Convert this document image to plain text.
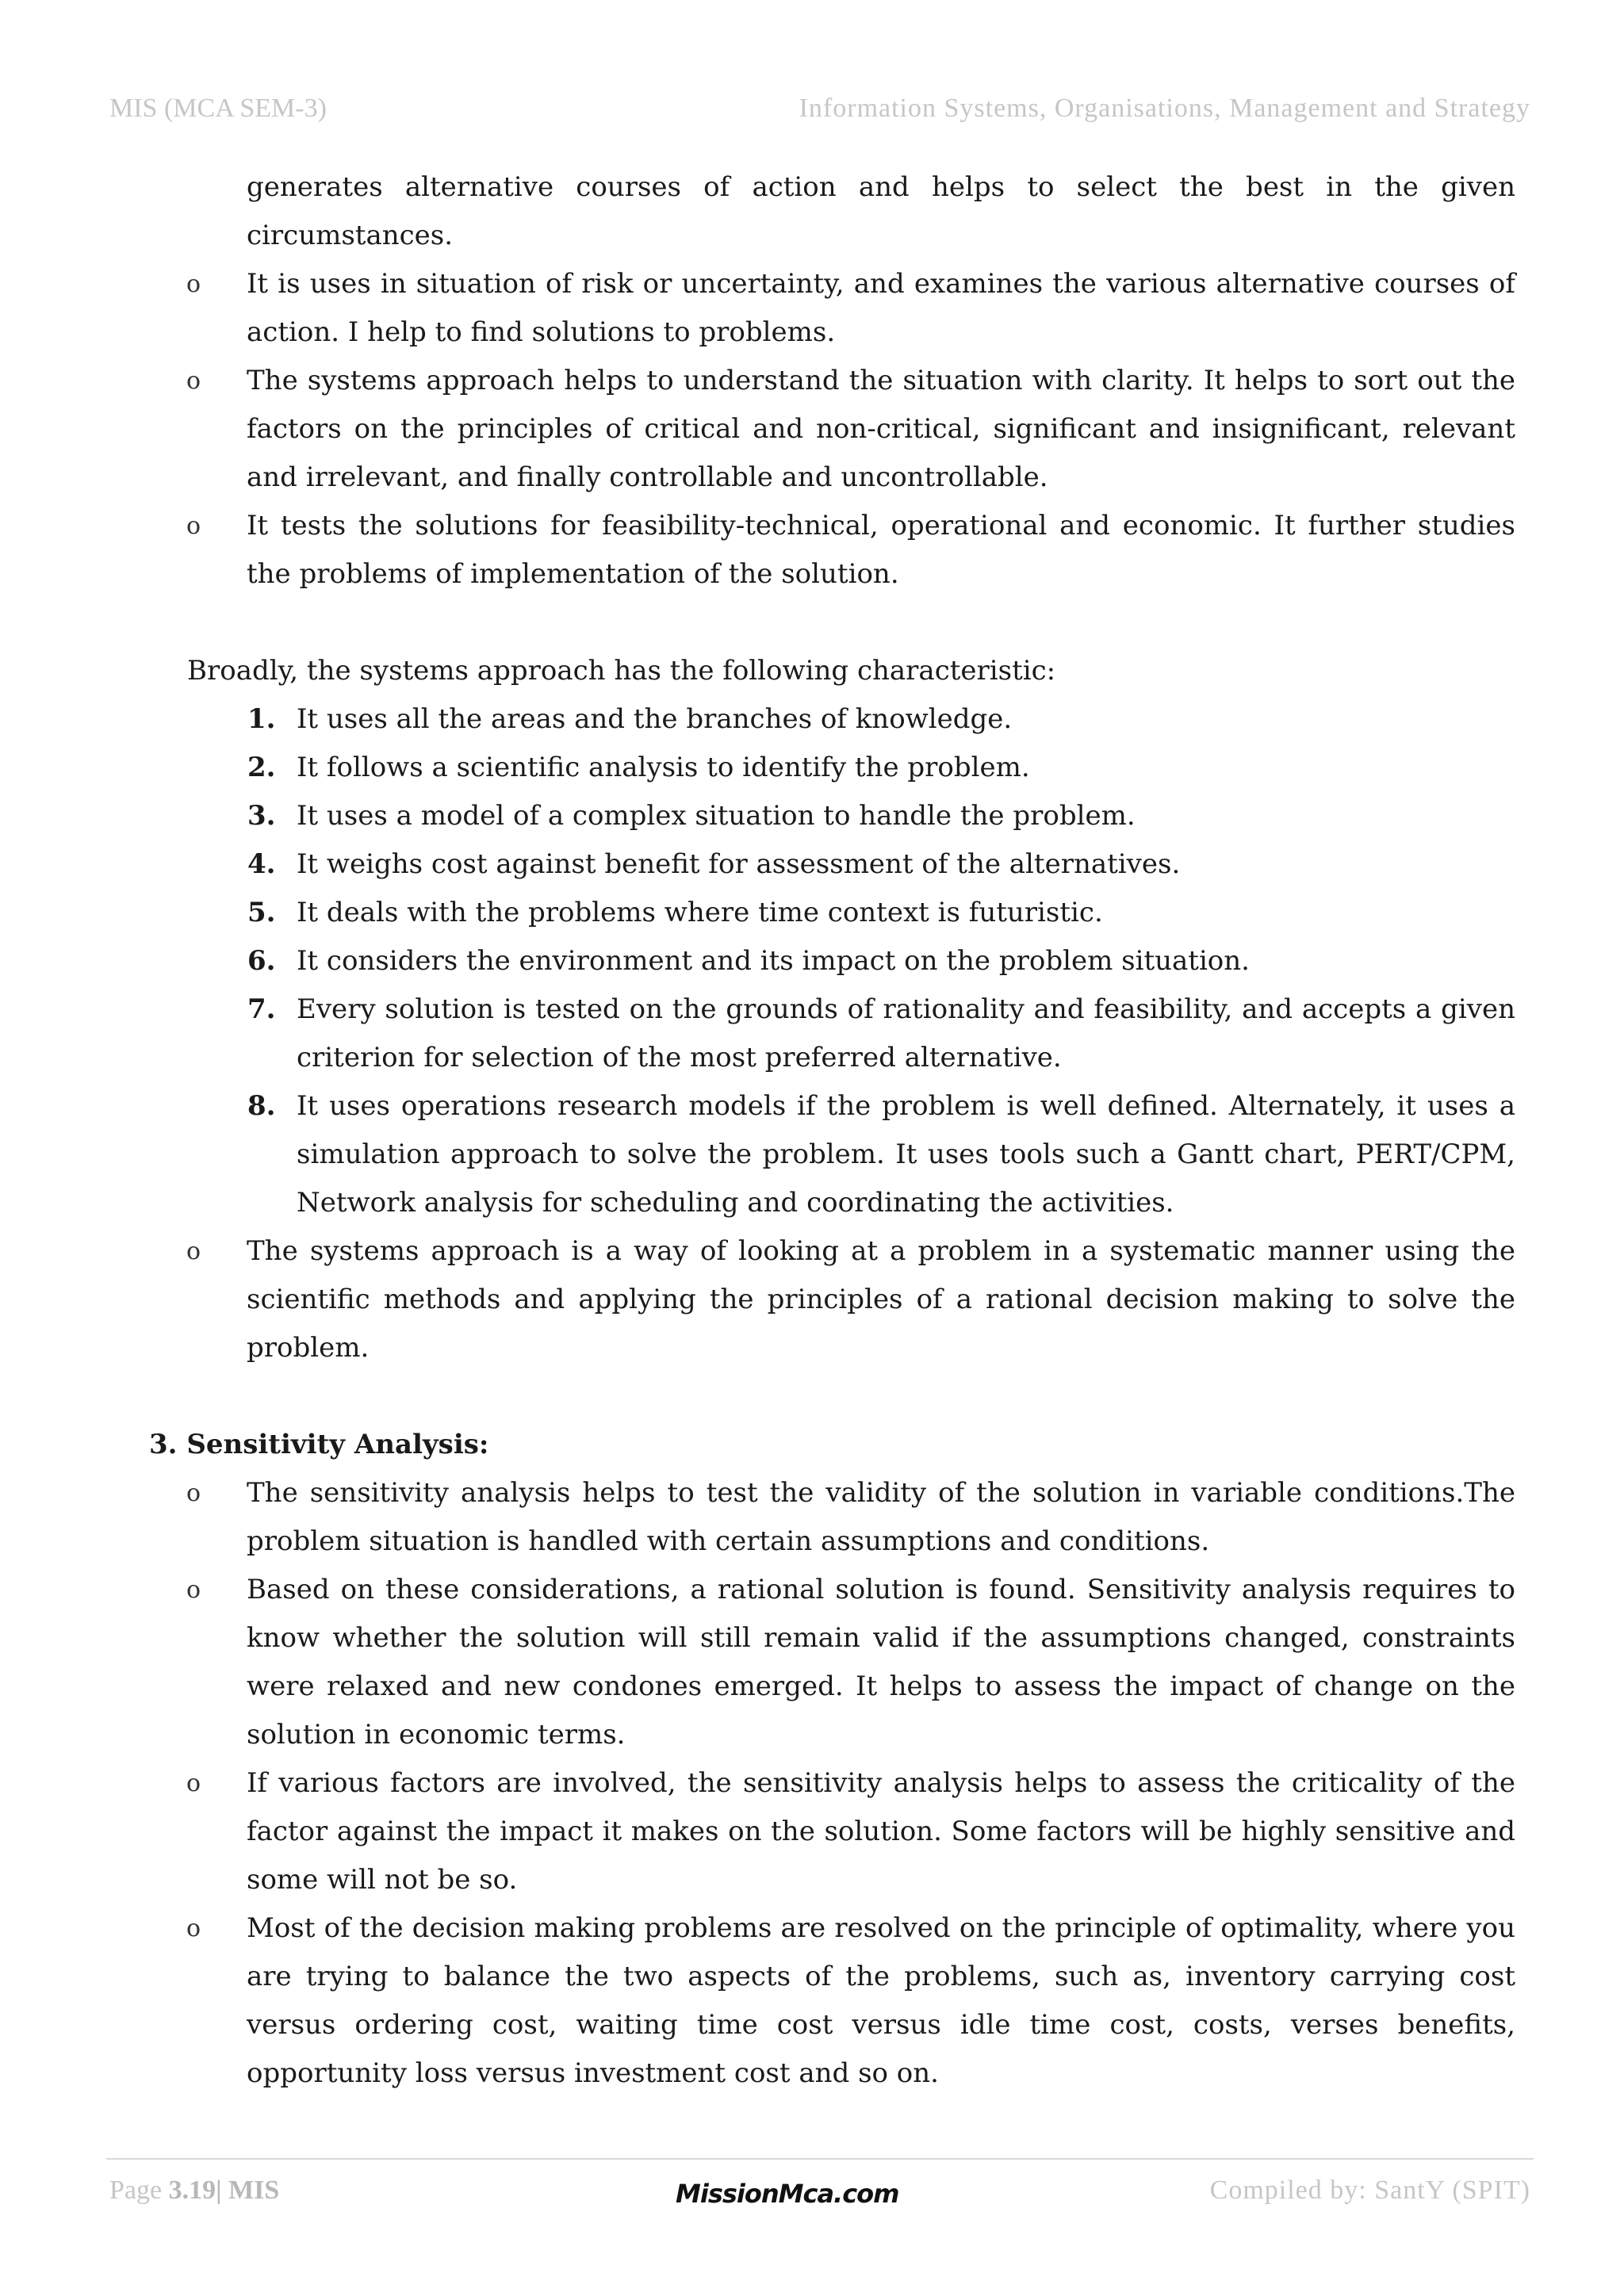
MIS (MCA SEM-3)	Information Systems, Organisations, Management and Strategy
generates alternative courses of action and helps to select the best in the given circumstances.
o It is uses in situation of risk or uncertainty, and examines the various alternative courses of action. I help to find solutions to problems.
o The systems approach helps to understand the situation with clarity. It helps to sort out the factors on the principles of critical and non-critical, significant and insignificant, relevant and irrelevant, and finally controllable and uncontrollable.
o It tests the solutions for feasibility-technical, operational and economic. It further studies the problems of implementation of the solution.
Broadly, the systems approach has the following characteristic:
1. It uses all the areas and the branches of knowledge.
2. It follows a scientific analysis to identify the problem.
3. It uses a model of a complex situation to handle the problem.
4. It weighs cost against benefit for assessment of the alternatives.
5. It deals with the problems where time context is futuristic.
6. It considers the environment and its impact on the problem situation.
7. Every solution is tested on the grounds of rationality and feasibility, and accepts a given criterion for selection of the most preferred alternative.
8. It uses operations research models if the problem is well defined. Alternately, it uses a simulation approach to solve the problem. It uses tools such a Gantt chart, PERT/CPM, Network analysis for scheduling and coordinating the activities.
o The systems approach is a way of looking at a problem in a systematic manner using the scientific methods and applying the principles of a rational decision making to solve the problem.
3. Sensitivity Analysis:
o The sensitivity analysis helps to test the validity of the solution in variable conditions.The problem situation is handled with certain assumptions and conditions.
o Based on these considerations, a rational solution is found. Sensitivity analysis requires to know whether the solution will still remain valid if the assumptions changed, constraints were relaxed and new condones emerged. It helps to assess the impact of change on the solution in economic terms.
o If various factors are involved, the sensitivity analysis helps to assess the criticality of the factor against the impact it makes on the solution. Some factors will be highly sensitive and some will not be so.
o Most of the decision making problems are resolved on the principle of optimality, where you are trying to balance the two aspects of the problems, such as, inventory carrying cost versus ordering cost, waiting time cost versus idle time cost, costs, verses benefits, opportunity loss versus investment cost and so on.
Page 3.19| MIS	MissionMca.com	Compiled by: SantY (SPIT)
